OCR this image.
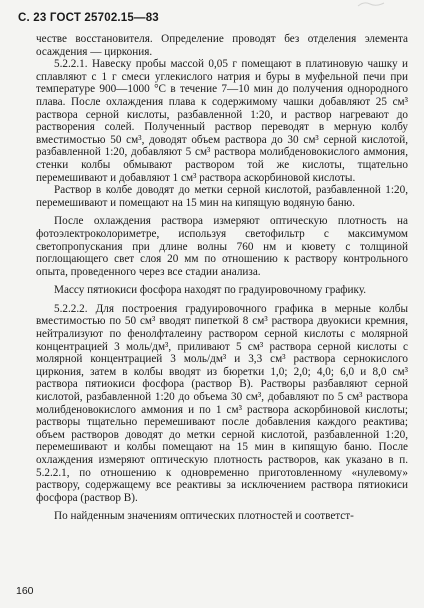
С. 23 ГОСТ 25702.15—83

честве восстановителя. Определение проводят без отделения элемента осаждения — циркония.

5.2.2.1. Навеску пробы массой 0,05 г помещают в платиновую чашку и сплавляют с 1 г смеси углекислого натрия и буры в муфельной печи при температуре 900—1000 °С в течение 7—10 мин до получения однородного плава. После охлаждения плава к содержимому чашки добавляют 25 см³ раствора серной кислоты, разбавленной 1:20, и раствор нагревают до растворения солей. Полученный раствор переводят в мерную колбу вместимостью 50 см³, доводят объем раствора до 30 см³ серной кислотой, разбавленной 1:20, добавляют 5 см³ раствора молибденовокислого аммония, стенки колбы обмывают раствором той же кислоты, тщательно перемешивают и добавляют 1 см³ раствора аскорбиновой кислоты.

Раствор в колбе доводят до метки серной кислотой, разбавленной 1:20, перемешивают и помещают на 15 мин на кипящую водяную баню.

После охлаждения раствора измеряют оптическую плотность на фотоэлектроколориметре, используя светофильтр с максимумом светопропускания при длине волны 760 нм и кювету с толщиной поглощающего свет слоя 20 мм по отношению к раствору контрольного опыта, проведенного через все стадии анализа.

Массу пятиокиси фосфора находят по градуировочному графику.

5.2.2.2. Для построения градуировочного графика в мерные колбы вместимостью по 50 см³ вводят пипеткой 8 см³ раствора двуокиси кремния, нейтрализуют по фенолфталеину раствором серной кислоты с молярной концентрацией 3 моль/дм³, приливают 5 см³ раствора серной кислоты с молярной концентрацией 3 моль/дм³ и 3,3 см³ раствора сернокислого циркония, затем в колбы вводят из бюретки 1,0; 2,0; 4,0; 6,0 и 8,0 см³ раствора пятиокиси фосфора (раствор В). Растворы разбавляют серной кислотой, разбавленной 1:20 до объема 30 см³, добавляют по 5 см³ раствора молибденовокислого аммония и по 1 см³ раствора аскорбиновой кислоты; растворы тщательно перемешивают после добавления каждого реактива; объем растворов доводят до метки серной кислотой, разбавленной 1:20, перемешивают и колбы помещают на 15 мин в кипящую баню. После охлаждения измеряют оптическую плотность растворов, как указано в п. 5.2.2.1, по отношению к одновременно приготовленному «нулевому» раствору, содержащему все реактивы за исключением раствора пятиокиси фосфора (раствор В).

По найденным значениям оптических плотностей и соответст-

160
